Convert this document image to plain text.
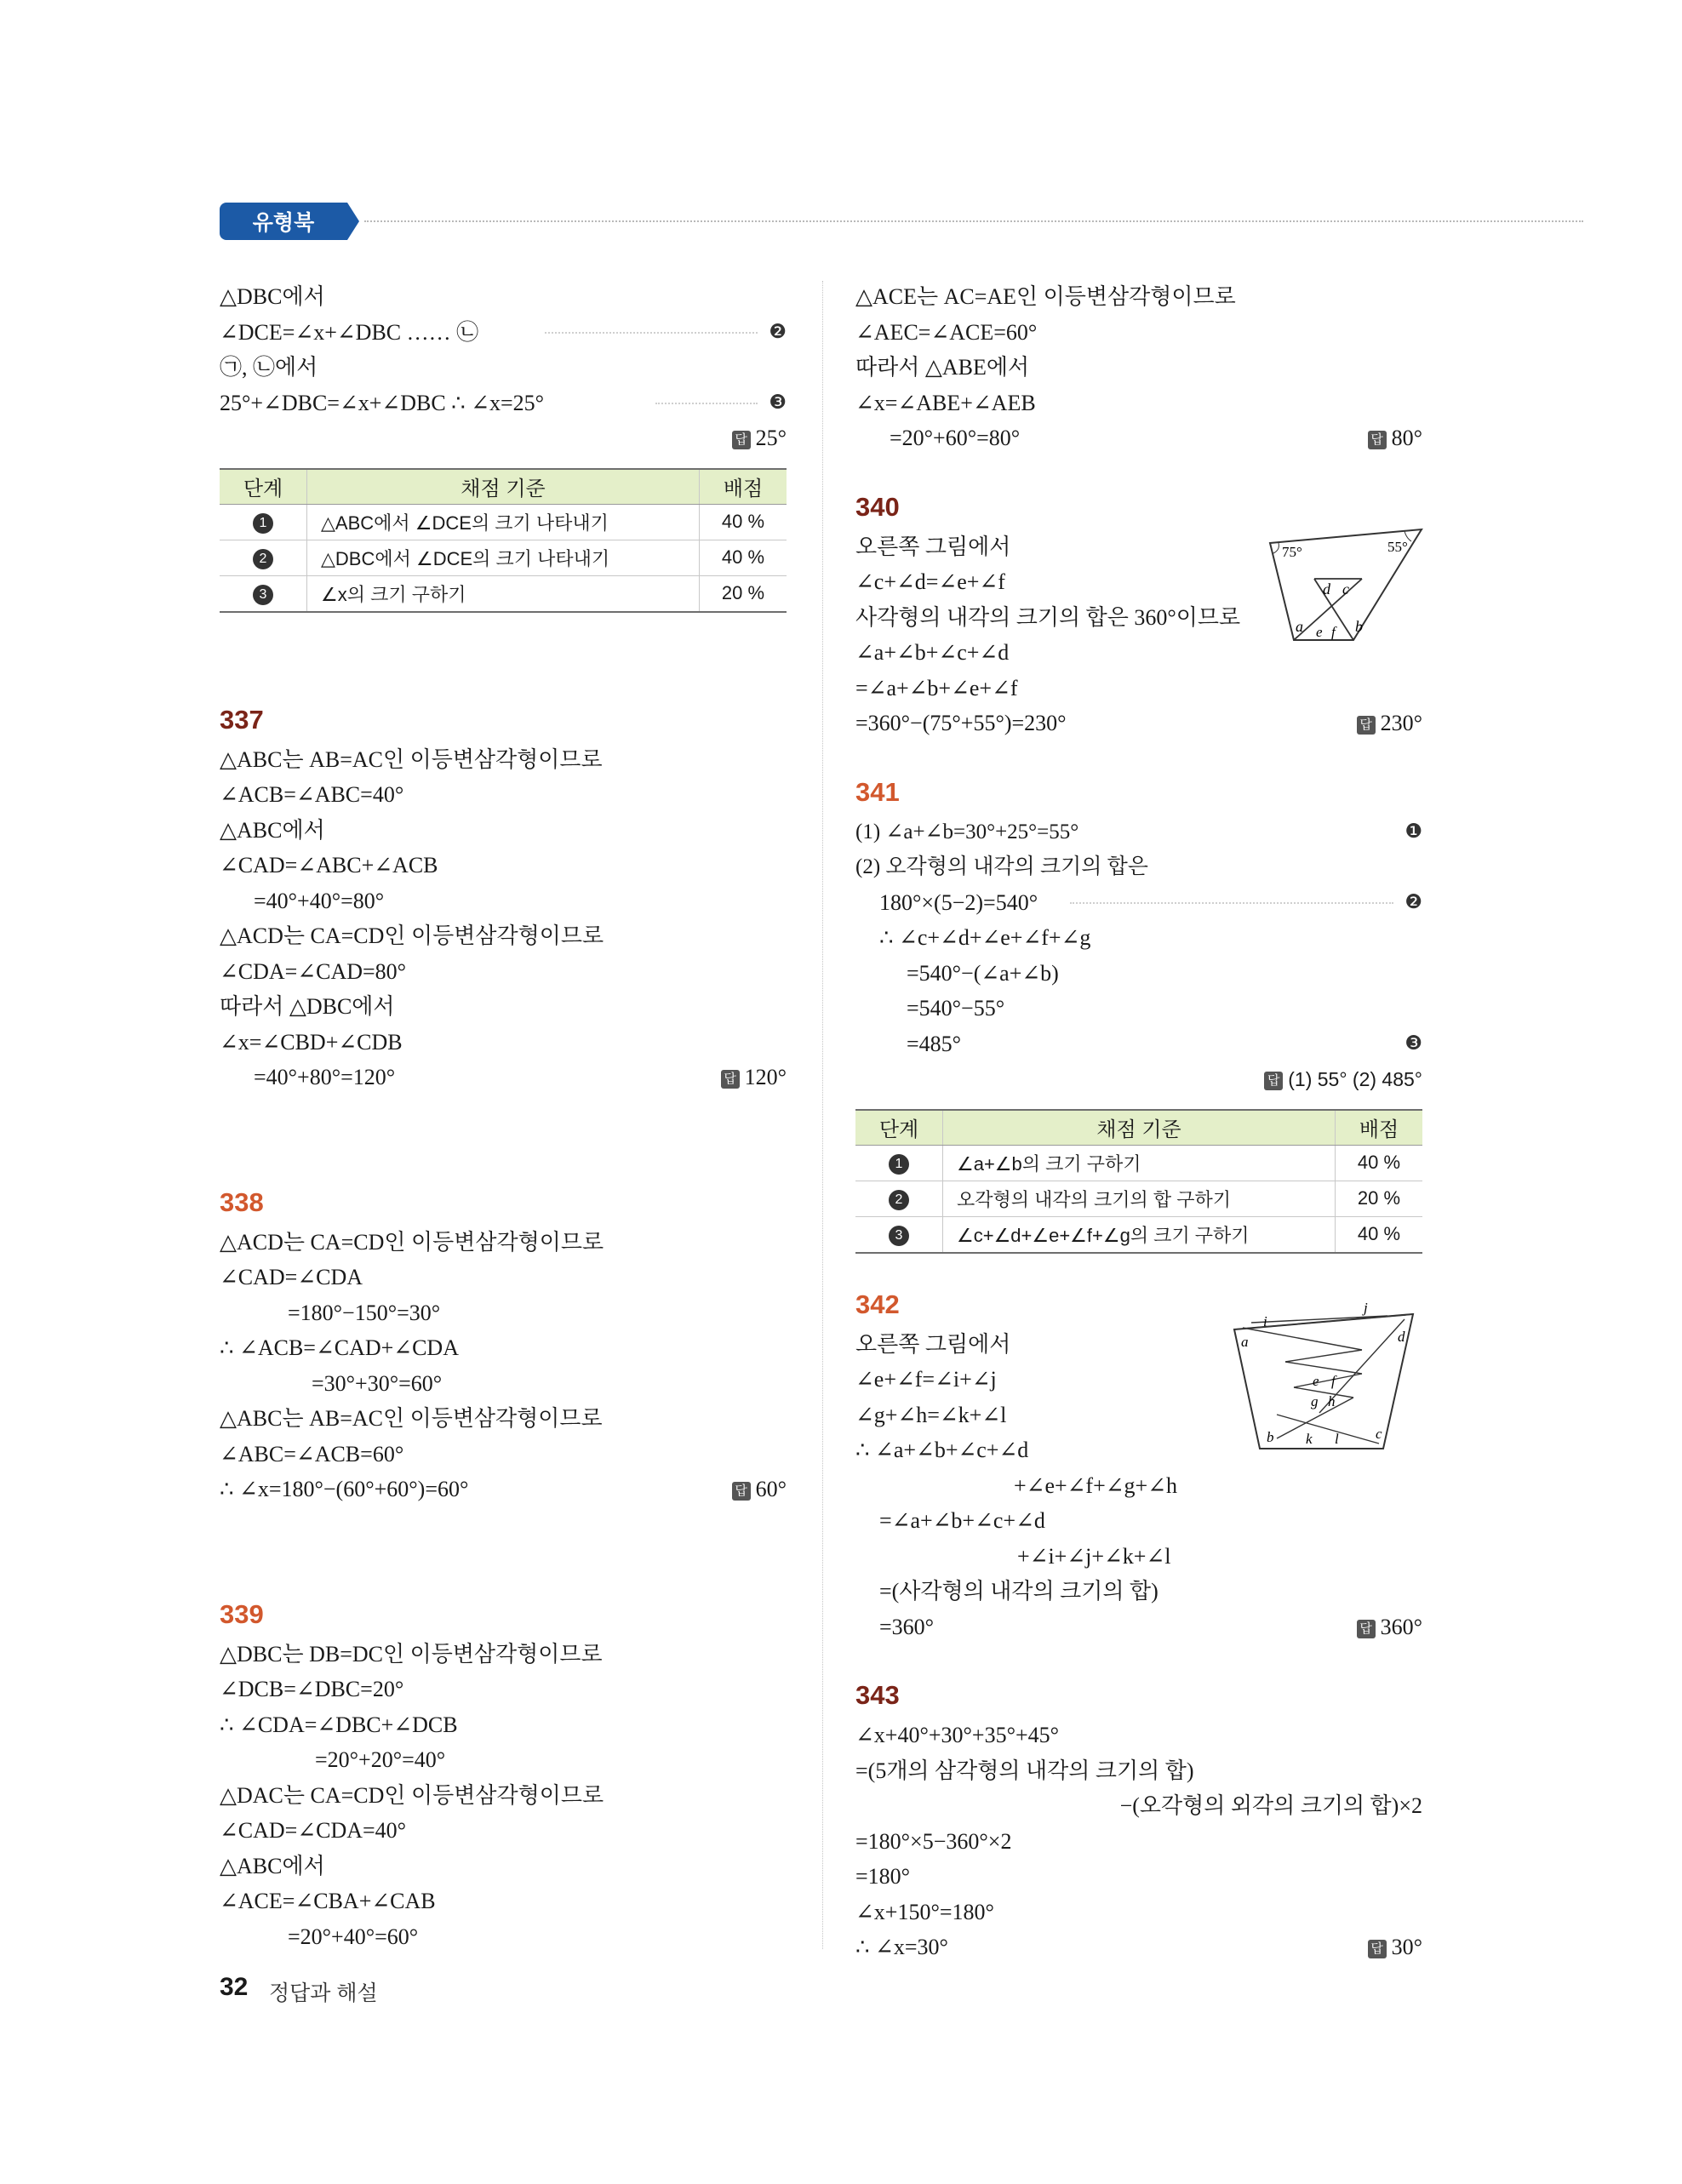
유형북
△DBC에서
∠DCE=∠x+∠DBC …… ㉡	❷
㉠, ㉡에서
25°+∠DBC=∠x+∠DBC ∴ ∠x=25°	❸
답 25°
단계	채점 기준	배점
1	△ABC에서 ∠DCE의 크기 나타내기	40 %
2	△DBC에서 ∠DCE의 크기 나타내기	40 %
3	∠x의 크기 구하기	20 %
337
△ABC는 AB=AC인 이등변삼각형이므로
∠ACB=∠ABC=40°
△ABC에서
∠CAD=∠ABC+∠ACB
=40°+40°=80°
△ACD는 CA=CD인 이등변삼각형이므로
∠CDA=∠CAD=80°
따라서 △DBC에서
∠x=∠CBD+∠CDB
=40°+80°=120°	답 120°
338
△ACD는 CA=CD인 이등변삼각형이므로
∠CAD=∠CDA
=180°−150°=30°
∴ ∠ACB=∠CAD+∠CDA
=30°+30°=60°
△ABC는 AB=AC인 이등변삼각형이므로
∠ABC=∠ACB=60°
∴ ∠x=180°−(60°+60°)=60°	답 60°
339
△DBC는 DB=DC인 이등변삼각형이므로
∠DCB=∠DBC=20°
∴ ∠CDA=∠DBC+∠DCB
=20°+20°=40°
△DAC는 CA=CD인 이등변삼각형이므로
∠CAD=∠CDA=40°
△ABC에서
∠ACE=∠CBA+∠CAB
=20°+40°=60°
△ACE는 AC=AE인 이등변삼각형이므로
∠AEC=∠ACE=60°
따라서 △ABE에서
∠x=∠ABE+∠AEB
=20°+60°=80°	답 80°
340
오른쪽 그림에서
∠c+∠d=∠e+∠f
사각형의 내각의 크기의 합은 360°이므로
∠a+∠b+∠c+∠d
=∠a+∠b+∠e+∠f
=360°−(75°+55°)=230°	답 230°
341
(1) ∠a+∠b=30°+25°=55°	❶
(2) 오각형의 내각의 크기의 합은
180°×(5−2)=540°	❷
∴ ∠c+∠d+∠e+∠f+∠g
=540°−(∠a+∠b)
=540°−55°
=485°	❸
답 (1) 55° (2) 485°
단계	채점 기준	배점
1	∠a+∠b의 크기 구하기	40 %
2	오각형의 내각의 크기의 합 구하기	20 %
3	∠c+∠d+∠e+∠f+∠g의 크기 구하기	40 %
342
오른쪽 그림에서
∠e+∠f=∠i+∠j
∠g+∠h=∠k+∠l
∴ ∠a+∠b+∠c+∠d
+∠e+∠f+∠g+∠h
=∠a+∠b+∠c+∠d
+∠i+∠j+∠k+∠l
=(사각형의 내각의 크기의 합)
=360°	답 360°
343
∠x+40°+30°+35°+45°
=(5개의 삼각형의 내각의 크기의 합)
−(오각형의 외각의 크기의 합)×2
=180°×5−360°×2
=180°
∠x+150°=180°
∴ ∠x=30°	답 30°
75°	55°
a	b
c
d
e f
a
b	c
d
e f
g h
i
j
k l
32 정답과 해설
